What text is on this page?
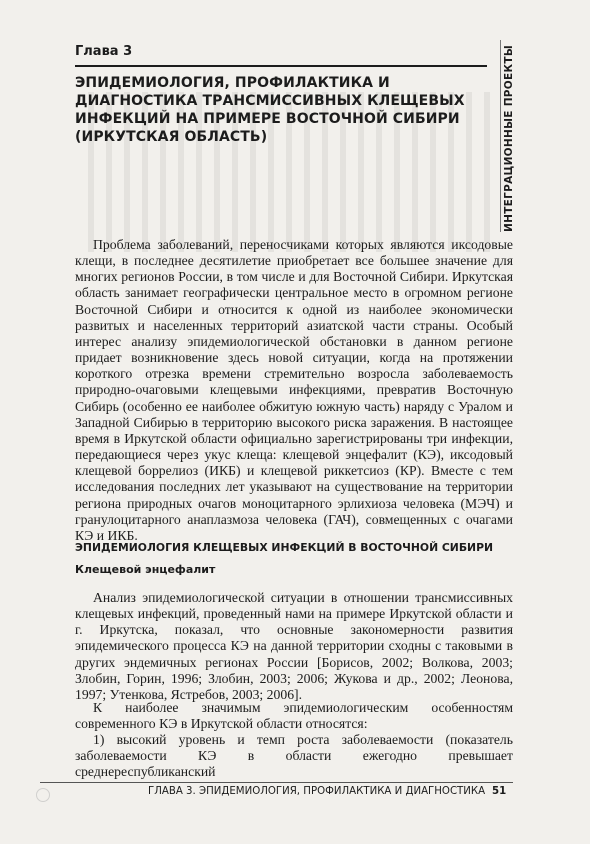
Глава 3
ЭПИДЕМИОЛОГИЯ, ПРОФИЛАКТИКА И ДИАГНОСТИКА ТРАНСМИССИВНЫХ КЛЕЩЕВЫХ ИНФЕКЦИЙ НА ПРИМЕРЕ ВОСТОЧНОЙ СИБИРИ (ИРКУТСКАЯ ОБЛАСТЬ)	ИНТЕГРАЦИОННЫЕ ПРОЕКТЫ

Проблема заболеваний, переносчиками которых являются иксодовые клещи, в последнее десятилетие приобретает все большее значение для многих регионов России, в том числе и для Восточной Сибири. Иркутская область занимает географически центральное место в огромном регионе Восточной Сибири и относится к одной из наиболее экономически развитых и населенных территорий азиатской части страны. Особый интерес анализу эпидемиологической обстановки в данном регионе придает возникновение здесь новой ситуации, когда на протяжении короткого отрезка времени стремительно возросла заболеваемость природно-очаговыми клещевыми инфекциями, превратив Восточную Сибирь (особенно ее наиболее обжитую южную часть) наряду с Уралом и Западной Сибирью в территорию высокого риска заражения. В настоящее время в Иркутской области официально зарегистрированы три инфекции, передающиеся через укус клеща: клещевой энцефалит (КЭ), иксодовый клещевой боррелиоз (ИКБ) и клещевой риккетсиоз (КР). Вместе с тем исследования последних лет указывают на существование на территории региона природных очагов моноцитарного эрлихиоза человека (МЭЧ) и гранулоцитарного анаплазмоза человека (ГАЧ), совмещенных с очагами КЭ и ИКБ.

ЭПИДЕМИОЛОГИЯ КЛЕЩЕВЫХ ИНФЕКЦИЙ В ВОСТОЧНОЙ СИБИРИ
Клещевой энцефалит

Анализ эпидемиологической ситуации в отношении трансмиссивных клещевых инфекций, проведенный нами на примере Иркутской области и г. Иркутска, показал, что основные закономерности развития эпидемического процесса КЭ на данной территории сходны с таковыми в других эндемичных регионах России [Борисов, 2002; Волкова, 2003; Злобин, Горин, 1996; Злобин, 2003; 2006; Жукова и др., 2002; Леонова, 1997; Утенкова, Ястребов, 2003; 2006].

К наиболее значимым эпидемиологическим особенностям современного КЭ в Иркутской области относятся:

1) высокий уровень и темп роста заболеваемости (показатель заболеваемости КЭ в области ежегодно превышает среднереспубликанский

ГЛАВА 3. ЭПИДЕМИОЛОГИЯ, ПРОФИЛАКТИКА И ДИАГНОСТИКА 51
